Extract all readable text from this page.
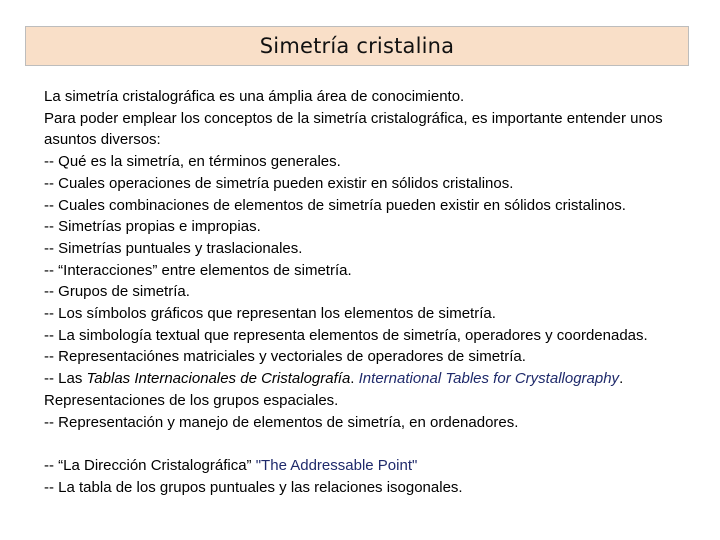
Simetría cristalina

La simetría cristalográfica es una ámplia área de conocimiento.

Para poder emplear los conceptos de la simetría cristalográfica, es importante entender unos asuntos diversos:

-- Qué es la simetría, en términos generales.

-- Cuales operaciones de simetría pueden existir en sólidos cristalinos.

-- Cuales combinaciones de elementos de simetría pueden existir en sólidos cristalinos.

-- Simetrías propias e impropias.

-- Simetrías puntuales y traslacionales.

-- “Interacciones” entre elementos de simetría.

-- Grupos de simetría.

-- Los símbolos gráficos que representan los elementos de simetría.

-- La simbología textual que representa elementos de simetría, operadores y coordenadas.

-- Representaciónes matriciales y vectoriales de operadores de simetría.

-- Las Tablas Internacionales de Cristalografía. International Tables for Crystallography.

Representaciones de los grupos espaciales.

-- Representación y manejo de elementos de simetría, en ordenadores.

-- “La Dirección Cristalográfica” "The Addressable Point"

-- La tabla de los grupos puntuales y las relaciones isogonales.
